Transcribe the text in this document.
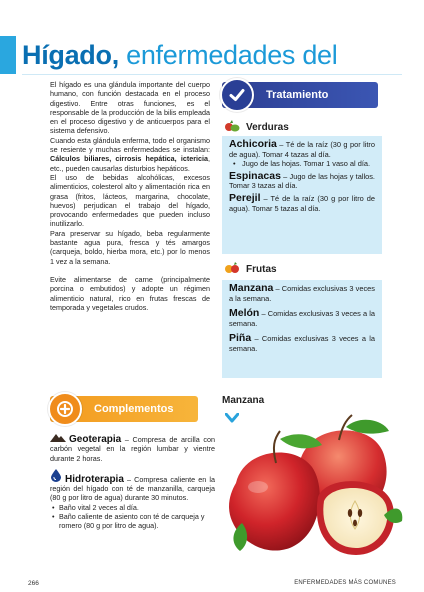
Hígado, enfermedades del

El hígado es una glándula importante del cuerpo humano, con función destacada en el proceso digestivo. Entre otras funciones, es el responsable de la producción de la bilis empleada en el proceso digestivo y de anticuerpos para el sistema defensivo.

Cuando esta glándula enferma, todo el organismo se resiente y muchas enfermedades se instalan: Cálculos biliares, cirrosis hepática, ictericia, etc., pueden causarlas disturbios hepáticos.

El uso de bebidas alcohólicas, excesos alimenticios, colesterol alto y alimentación rica en grasa (fritos, lácteos, margarina, chocolate, huevos) perjudican el trabajo del hígado, provocando enfermedades que pueden incluso inutilizarlo.

Para preservar su hígado, beba regularmente bastante agua pura, fresca y tés amargos (carqueja, boldo, hierba mora, etc.) por lo menos 1 vez a la semana.

Evite alimentarse de carne (principalmente porcina o embutidos) y adopte un régimen alimenticio natural, rico en frutas frescas de temporada y vegetales crudos.

Tratamiento
Verduras
Achicoria – Té de la raíz (30 g por litro de agua). Tomar 4 tazas al día.
• Jugo de las hojas. Tomar 1 vaso al día.
Espinacas – Jugo de las hojas y tallos. Tomar 3 tazas al día.
Perejil – Té de la raíz (30 g por litro de agua). Tomar 5 tazas al día.
Frutas
Manzana – Comidas exclusivas 3 veces a la semana.
Melón – Comidas exclusivas 3 veces a la semana.
Piña – Comidas exclusivas 3 veces a la semana.
Complementos

Geoterapia – Compresa de arcilla con carbón vegetal en la región lumbar y vientre durante 2 horas.

Hidroterapia – Compresa caliente en la región del hígado con té de manzanilla, carqueja (80 g por litro de agua) durante 30 minutos.

• Baño vital 2 veces al día.
• Baño caliente de asiento con té de carqueja y romero (80 g por litro de agua).
Manzana
266	ENFERMEDADES MÁS COMUNES
